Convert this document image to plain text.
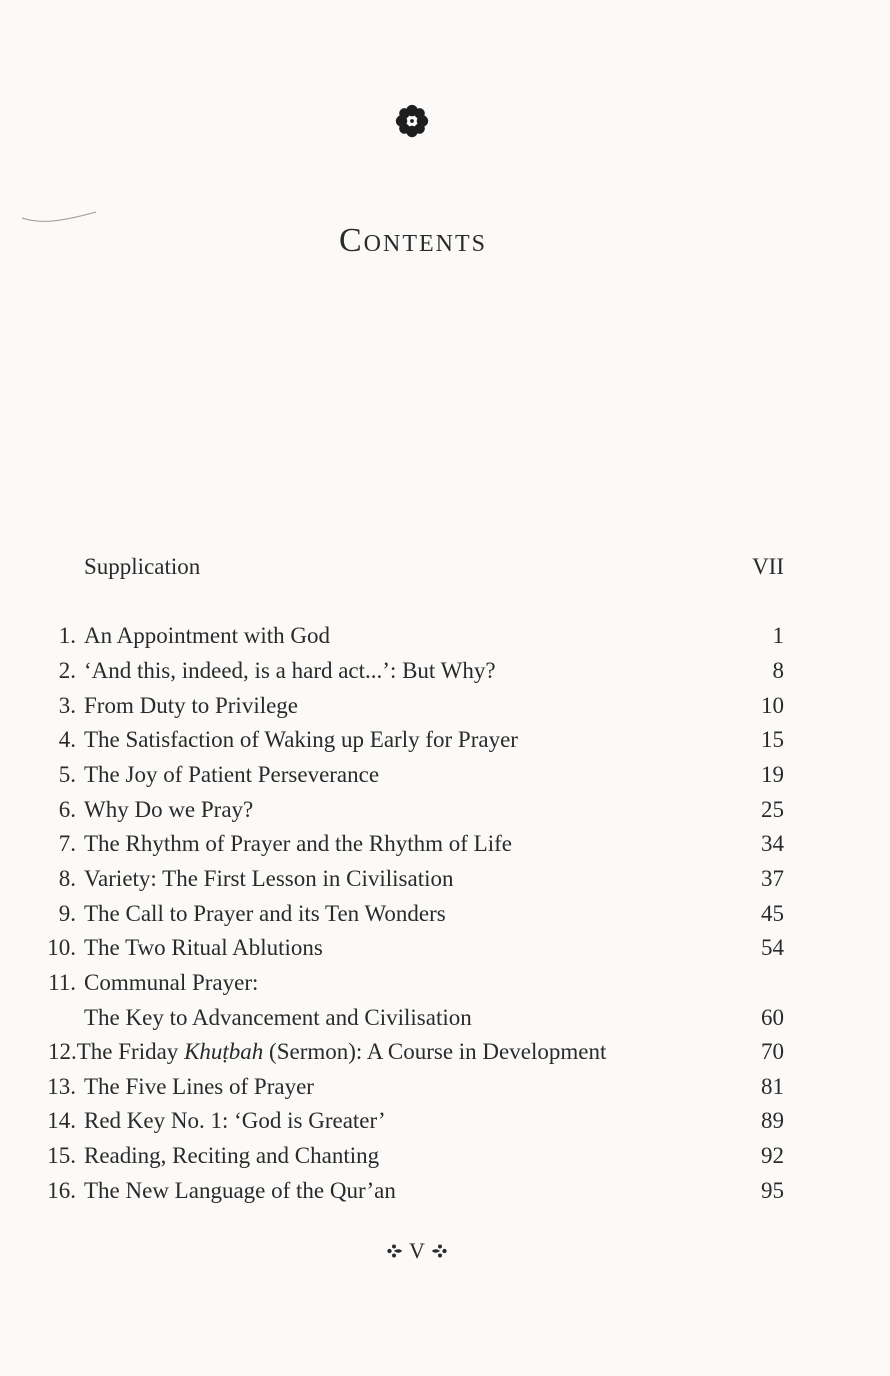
Contents
Supplication	VII
1. An Appointment with God	1
2. ‘And this, indeed, is a hard act...’: But Why?	8
3. From Duty to Privilege	10
4. The Satisfaction of Waking up Early for Prayer	15
5. The Joy of Patient Perseverance	19
6. Why Do we Pray?	25
7. The Rhythm of Prayer and the Rhythm of Life	34
8. Variety: The First Lesson in Civilisation	37
9. The Call to Prayer and its Ten Wonders	45
10. The Two Ritual Ablutions	54
11. Communal Prayer:
The Key to Advancement and Civilisation	60
12.The Friday Khuṭbah (Sermon): A Course in Development	70
13. The Five Lines of Prayer	81
14. Red Key No. 1: ‘God is Greater’	89
15. Reading, Reciting and Chanting	92
16. The New Language of the Qur’an	95
V
